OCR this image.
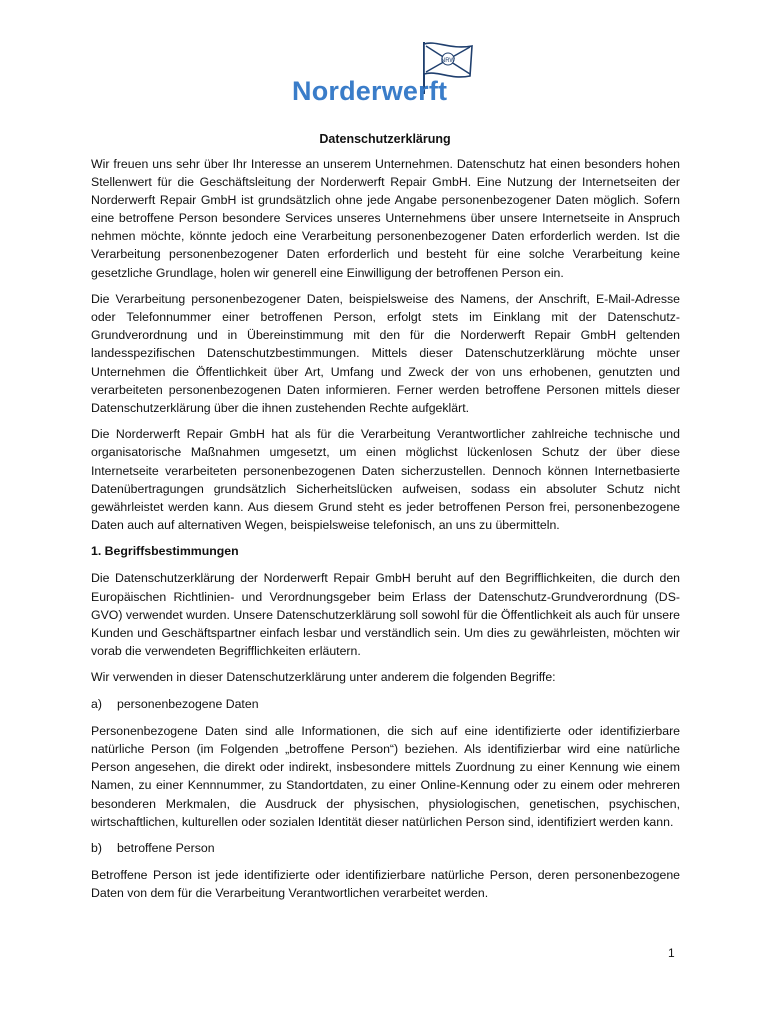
NRW
Norderwerft
Datenschutzerklärung

Wir freuen uns sehr über Ihr Interesse an unserem Unternehmen. Datenschutz hat einen besonders hohen Stellenwert für die Geschäftsleitung der Norderwerft Repair GmbH. Eine Nutzung der Internetseiten der Norderwerft Repair GmbH ist grundsätzlich ohne jede Angabe personenbezogener Daten möglich. Sofern eine betroffene Person besondere Services unseres Unternehmens über unsere Internetseite in Anspruch nehmen möchte, könnte jedoch eine Verarbeitung personenbezogener Daten erforderlich werden. Ist die Verarbeitung personenbezogener Daten erforderlich und besteht für eine solche Verarbeitung keine gesetzliche Grundlage, holen wir generell eine Einwilligung der betroffenen Person ein.

Die Verarbeitung personenbezogener Daten, beispielsweise des Namens, der Anschrift, E-Mail-Adresse oder Telefonnummer einer betroffenen Person, erfolgt stets im Einklang mit der Datenschutz-Grundverordnung und in Übereinstimmung mit den für die Norderwerft Repair GmbH geltenden landesspezifischen Datenschutzbestimmungen. Mittels dieser Datenschutzerklärung möchte unser Unternehmen die Öffentlichkeit über Art, Umfang und Zweck der von uns erhobenen, genutzten und verarbeiteten personenbezogenen Daten informieren. Ferner werden betroffene Personen mittels dieser Datenschutzerklärung über die ihnen zustehenden Rechte aufgeklärt.

Die Norderwerft Repair GmbH hat als für die Verarbeitung Verantwortlicher zahlreiche technische und organisatorische Maßnahmen umgesetzt, um einen möglichst lückenlosen Schutz der über diese Internetseite verarbeiteten personenbezogenen Daten sicherzustellen. Dennoch können Internetbasierte Datenübertragungen grundsätzlich Sicherheitslücken aufweisen, sodass ein absoluter Schutz nicht gewährleistet werden kann. Aus diesem Grund steht es jeder betroffenen Person frei, personenbezogene Daten auch auf alternativen Wegen, beispielsweise telefonisch, an uns zu übermitteln.

1. Begriffsbestimmungen

Die Datenschutzerklärung der Norderwerft Repair GmbH beruht auf den Begrifflichkeiten, die durch den Europäischen Richtlinien- und Verordnungsgeber beim Erlass der Datenschutz-Grundverordnung (DS-GVO) verwendet wurden. Unsere Datenschutzerklärung soll sowohl für die Öffentlichkeit als auch für unsere Kunden und Geschäftspartner einfach lesbar und verständlich sein. Um dies zu gewährleisten, möchten wir vorab die verwendeten Begrifflichkeiten erläutern.

Wir verwenden in dieser Datenschutzerklärung unter anderem die folgenden Begriffe:

a) personenbezogene Daten

Personenbezogene Daten sind alle Informationen, die sich auf eine identifizierte oder identifizierbare natürliche Person (im Folgenden „betroffene Person“) beziehen. Als identifizierbar wird eine natürliche Person angesehen, die direkt oder indirekt, insbesondere mittels Zuordnung zu einer Kennung wie einem Namen, zu einer Kennnummer, zu Standortdaten, zu einer Online-Kennung oder zu einem oder mehreren besonderen Merkmalen, die Ausdruck der physischen, physiologischen, genetischen, psychischen, wirtschaftlichen, kulturellen oder sozialen Identität dieser natürlichen Person sind, identifiziert werden kann.

b) betroffene Person

Betroffene Person ist jede identifizierte oder identifizierbare natürliche Person, deren personenbezogene Daten von dem für die Verarbeitung Verantwortlichen verarbeitet werden.

1
